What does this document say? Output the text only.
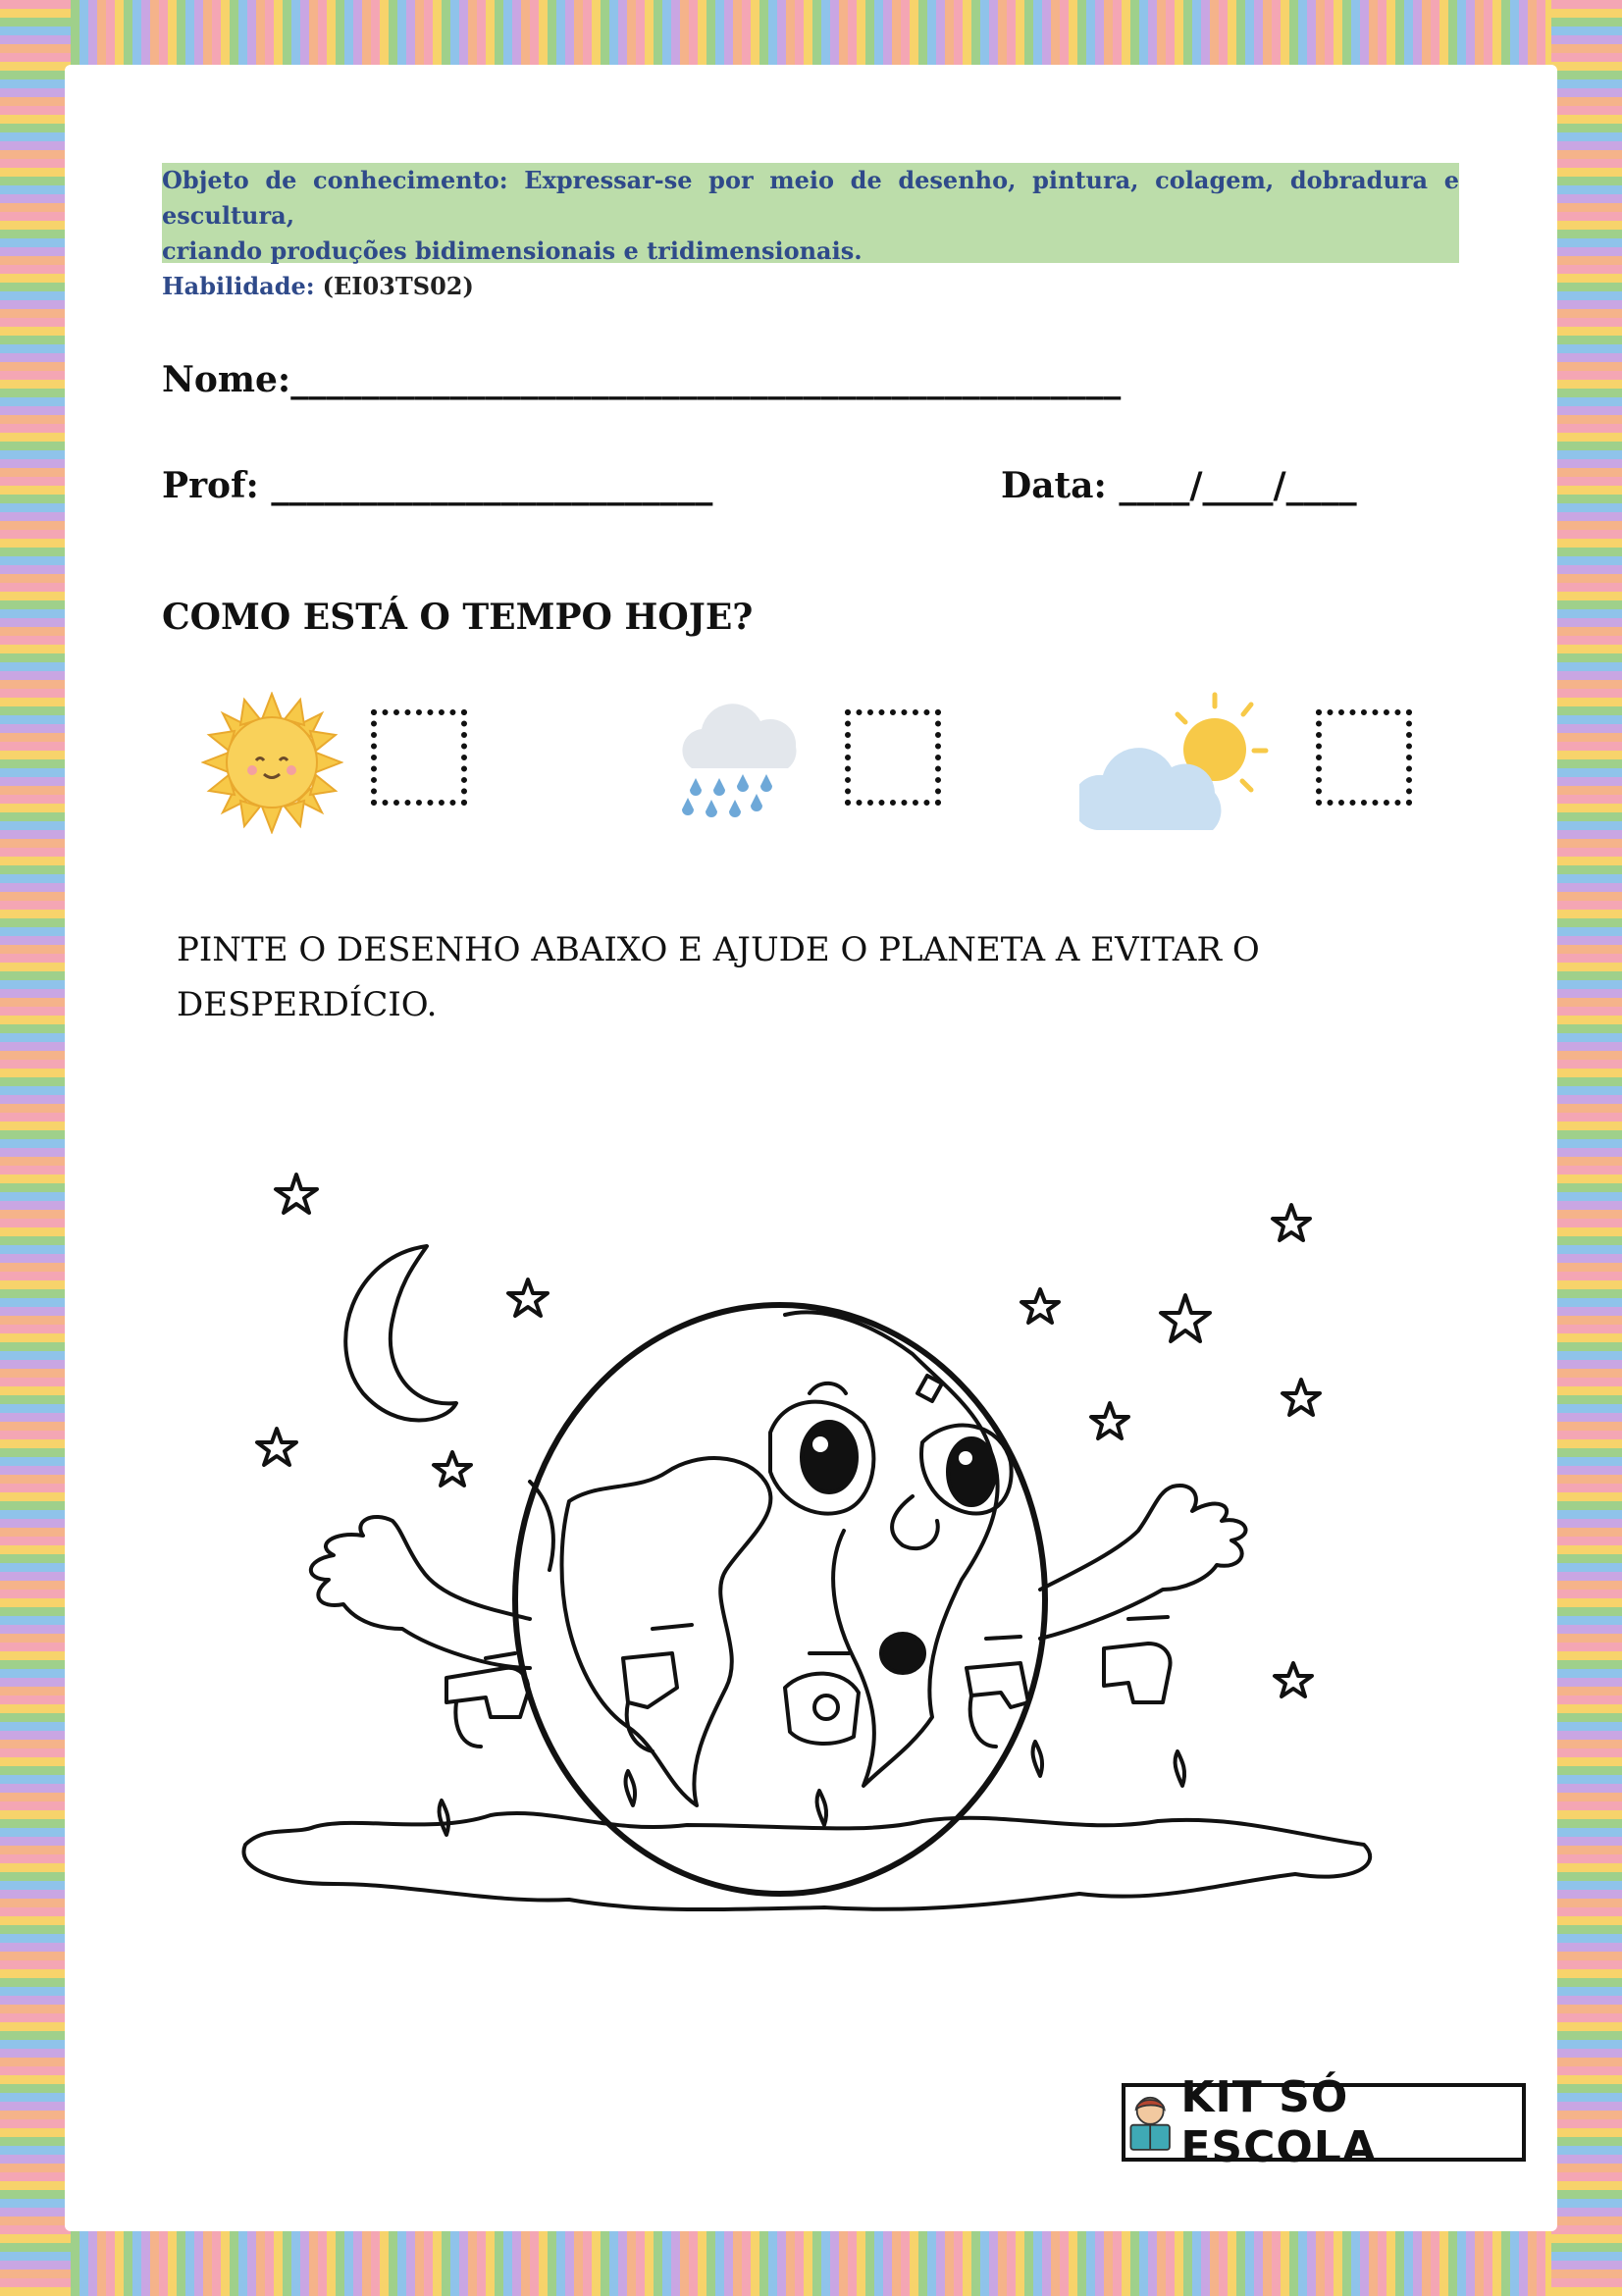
Objeto de conhecimento: Expressar-se por meio de desenho, pintura, colagem, dobradura e escultura,

criando produções bidimensionais e tridimensionais.

Habilidade: (EI03TS02)

Nome:_______________________________________________
Prof: _________________________	Data: ____/____/____
COMO ESTÁ O TEMPO HOJE?
PINTE O DESENHO ABAIXO E AJUDE O PLANETA A EVITAR O
DESPERDÍCIO.
KIT SÓ ESCOLA
